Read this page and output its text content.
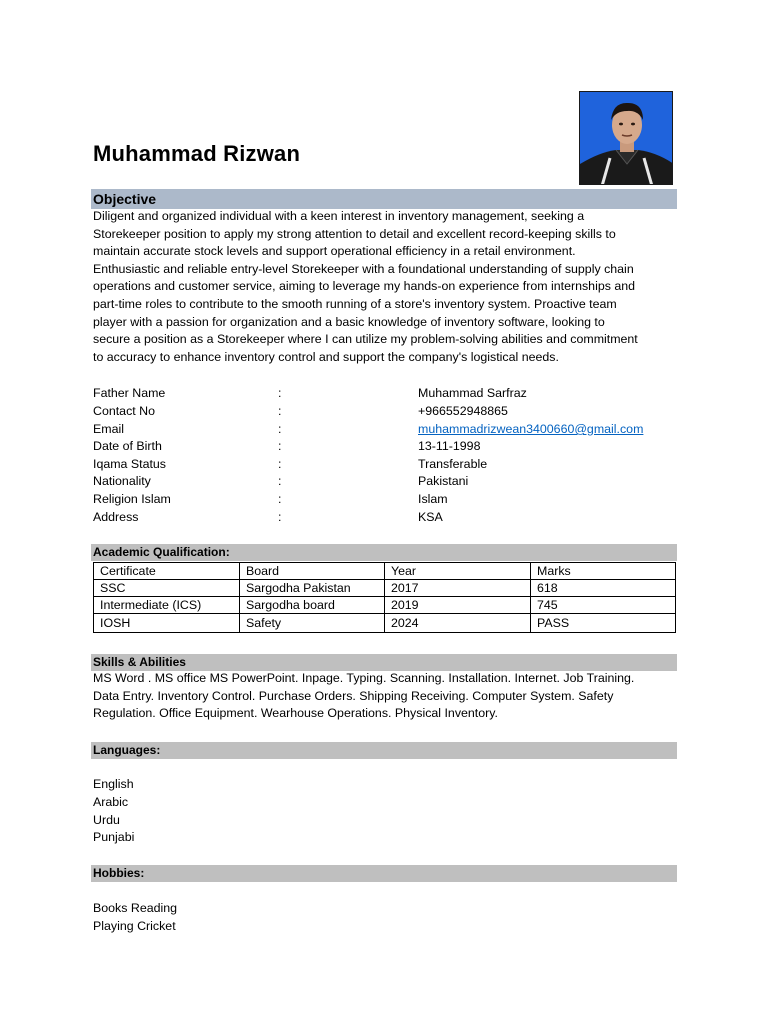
Muhammad Rizwan
Objective
Diligent and organized individual with a keen interest in inventory management, seeking a
Storekeeper position to apply my strong attention to detail and excellent record-keeping skills to
maintain accurate stock levels and support operational efficiency in a retail environment.
Enthusiastic and reliable entry-level Storekeeper with a foundational understanding of supply chain
operations and customer service, aiming to leverage my hands-on experience from internships and
part-time roles to contribute to the smooth running of a store's inventory system. Proactive team
player with a passion for organization and a basic knowledge of inventory software, looking to
secure a position as a Storekeeper where I can utilize my problem-solving abilities and commitment
to accuracy to enhance inventory control and support the company's logistical needs.
Father Name	:	Muhammad Sarfraz
Contact No	:	+966552948865
Email	:	muhammadrizwean3400660@gmail.com
Date of Birth	:	13-11-1998
Iqama Status	:	Transferable
Nationality	:	Pakistani
Religion Islam	:	Islam
Address	:	KSA
Academic Qualification:
Certificate	Board	Year	Marks
SSC	Sargodha Pakistan	2017	618
Intermediate (ICS)	Sargodha board	2019	745
IOSH	Safety	2024	PASS
Skills & Abilities
MS Word . MS office MS PowerPoint. Inpage. Typing. Scanning. Installation. Internet. Job Training.
Data Entry. Inventory Control. Purchase Orders. Shipping Receiving. Computer System. Safety
Regulation. Office Equipment. Wearhouse Operations. Physical Inventory.
Languages:
English
Arabic
Urdu
Punjabi
Hobbies:
Books Reading
Playing Cricket
